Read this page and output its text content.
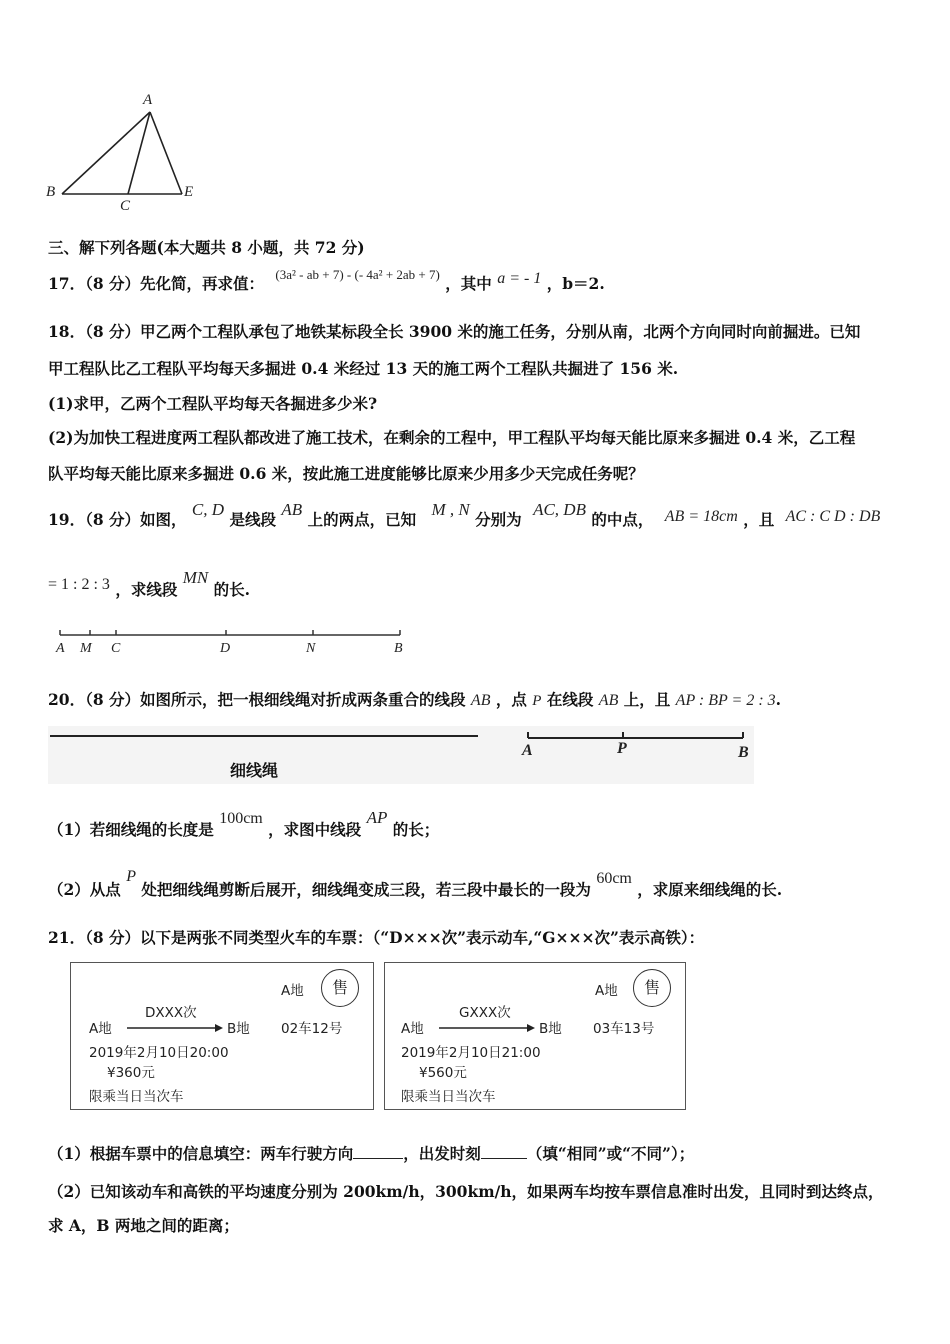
A
B
C
E
三、解下列各题(本大题共 8 小题，共 72 分)
17．（8 分）先化简，再求值： $^{(3a^2 - ab + 7) - (- 4a^2 + 2ab + 7)}$ ，其中 a = - 1 ，b＝2.
18．（8 分）甲乙两个工程队承包了地铁某标段全长 3900 米的施工任务，分别从南，北两个方向同时向前掘进。已知
甲工程队比乙工程队平均每天多掘进 0.4 米经过 13 天的施工两个工程队共掘进了 156 米.
(1)求甲，乙两个工程队平均每天各掘进多少米?
(2)为加快工程进度两工程队都改进了施工技术，在剩余的工程中，甲工程队平均每天能比原来多掘进 0.4 米，乙工程
队平均每天能比原来多掘进 0.6 米，按此施工进度能够比原来少用多少天完成任务呢？
19．（8 分）如图， C, D 是线段 AB 上的两点，已知 M , N 分别为 AC, DB 的中点， AB = 18cm ，且 AC : C D : DB
= 1 : 2 : 3 ，求线段 MN 的长.
A M C	D	N	B
20．（8 分）如图所示，把一根细线绳对折成两条重合的线段 AB ，点 P 在线段 AB 上，且 AP : BP = 2 : 3.
细线绳
A	P	B
（1）若细线绳的长度是 100cm ，求图中线段 AP 的长；
（2）从点 P 处把细线绳剪断后展开，细线绳变成三段，若三段中最长的一段为 60cm ，求原来细线绳的长.
21．（8 分）以下是两张不同类型火车的车票：（“D×××次”表示动车,“G×××次”表示高铁）：
A地	售
DXXX次
A地	B地 02车12号
2019年2月10日20:00
¥360元
限乘当日当次车
A地	售
GXXX次
A地	B地 03车13号
2019年2月10日21:00
¥560元
限乘当日当次车
（1）根据车票中的信息填空：两车行驶方向	，出发时刻	（填“相同”或“不同”）；
（2）已知该动车和高铁的平均速度分别为 200km/h，300km/h，如果两车均按车票信息准时出发，且同时到达终点，
求 A，B 两地之间的距离；
